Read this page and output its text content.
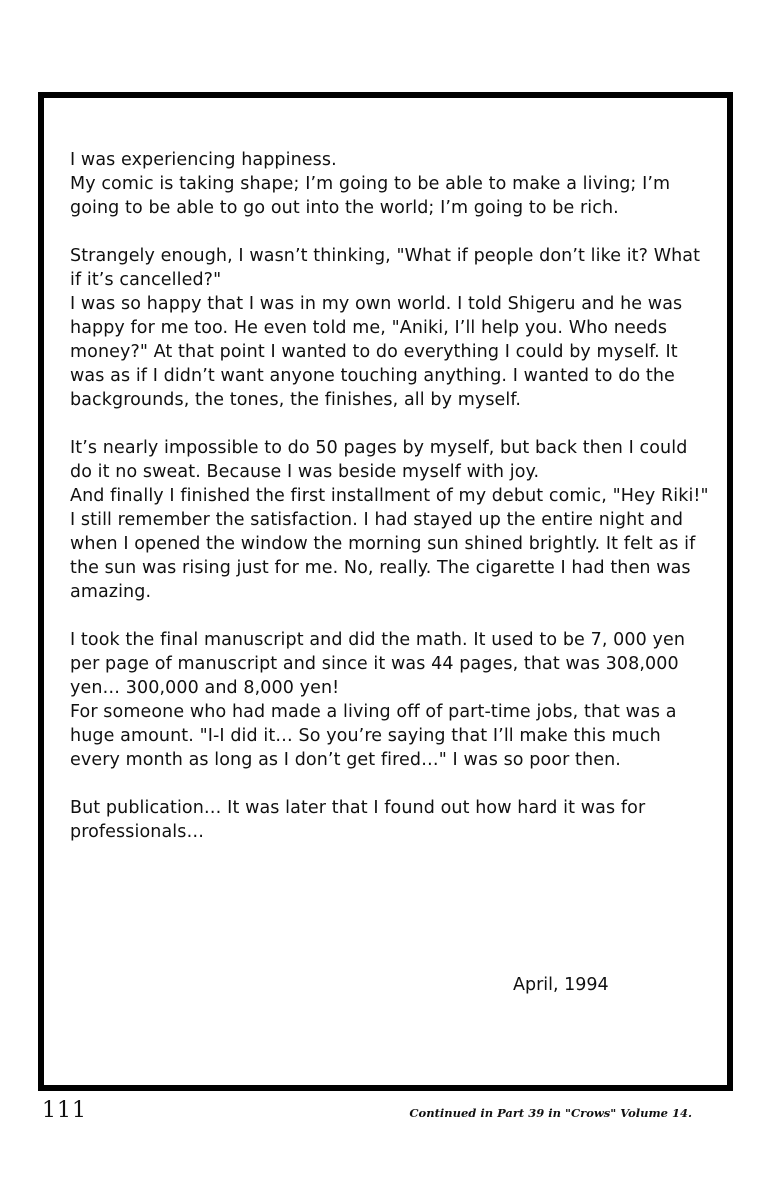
I was experiencing happiness.
My comic is taking shape; I’m going to be able to make a living; I’m going to be able to go out into the world; I’m going to be rich.

Strangely enough, I wasn’t thinking, "What if people don’t like it? What if it’s cancelled?"
I was so happy that I was in my own world. I told Shigeru and he was happy for me too. He even told me, "Aniki, I’ll help you. Who needs money?" At that point I wanted to do everything I could by myself. It was as if I didn’t want anyone touching anything. I wanted to do the backgrounds, the tones, the finishes, all by myself.

It’s nearly impossible to do 50 pages by myself, but back then I could do it no sweat. Because I was beside myself with joy.
And finally I finished the first installment of my debut comic, "Hey Riki!" I still remember the satisfaction. I had stayed up the entire night and when I opened the window the morning sun shined brightly. It felt as if the sun was rising just for me. No, really. The cigarette I had then was amazing.

I took the final manuscript and did the math. It used to be 7, 000 yen per page of manuscript and since it was 44 pages, that was 308,000 yen… 300,000 and 8,000 yen!
For someone who had made a living off of part-time jobs, that was a huge amount. "I-I did it… So you’re saying that I’ll make this much every month as long as I don’t get fired…" I was so poor then.

But publication… It was later that I found out how hard it was for professionals…

April, 1994
111	Continued in Part 39 in "Crows" Volume 14.
